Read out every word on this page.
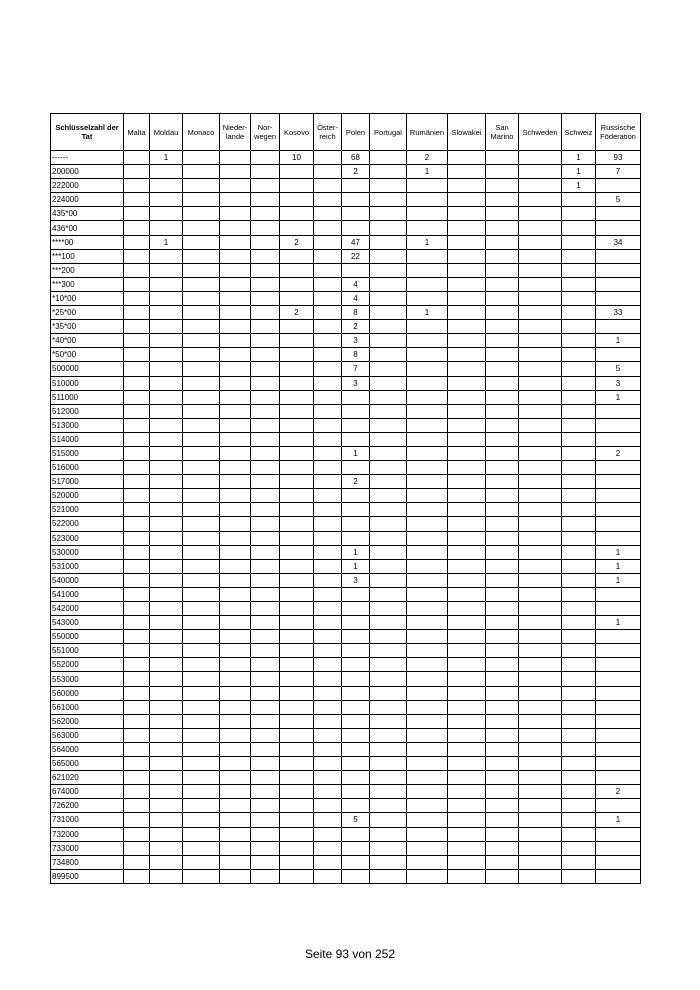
Schlüsselzahl der Tat	Malta	Moldau	Monaco	Nieder-lande	Nor-wegen	Kosovo	Öster-reich	Polen	Portugal	Rumänien	Slowakei	San Marino	Schweden	Schweiz	Russische Föderation
------		1				10		68		2				1	93
200000								2		1				1	7
222000														1	
224000															5
435*00															
436*00															
****00		1				2		47		1					34
***100								22							
***200															
***300								4							
*10*00								4							
*25*00						2		8		1					33
*35*00								2							
*40*00								3							1
*50*00								8							
500000								7							5
510000								3							3
511000															1
512000															
513000															
514000															
515000								1							2
516000															
517000								2							
520000															
521000															
522000															
523000															
530000								1							1
531000								1							1
540000								3							1
541000															
542000															
543000															1
550000															
551000															
552000															
553000															
560000															
561000															
562000															
563000															
564000															
565000															
621020															
674000															2
726200															
731000								5							1
732000															
733000															
734800															
899500															
Seite 93 von 252
